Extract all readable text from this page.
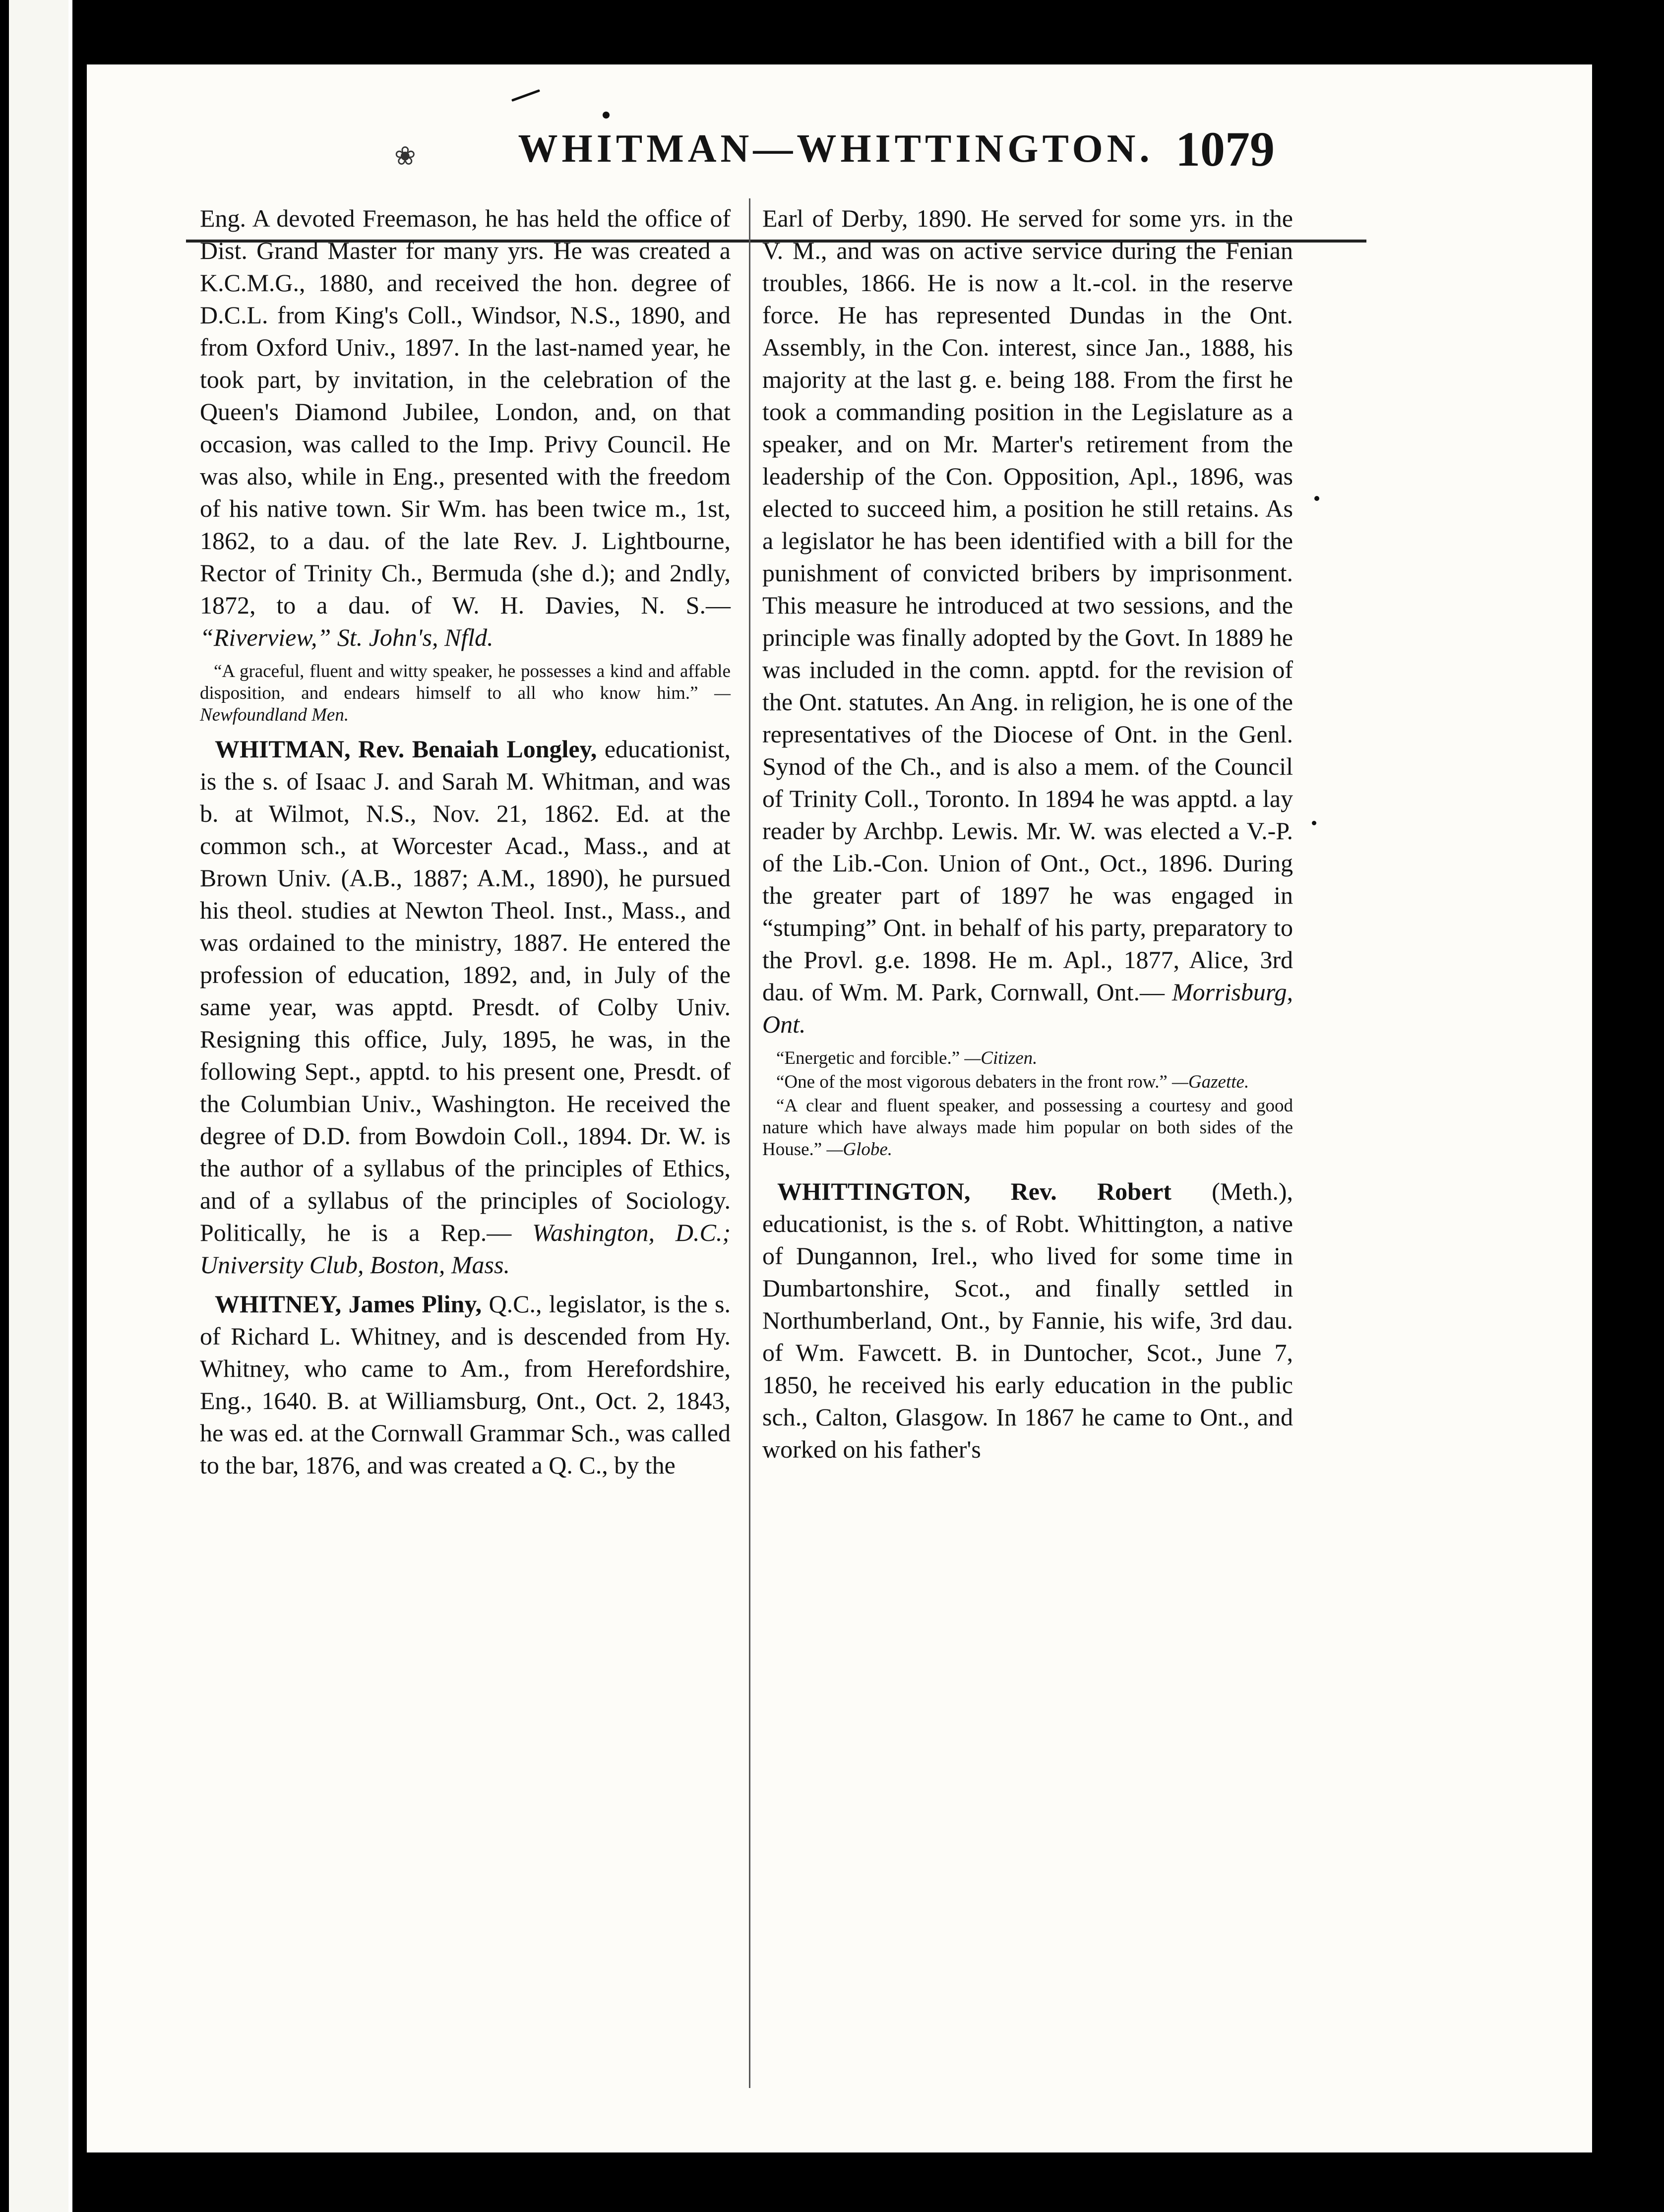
❀	WHITMAN—WHITTINGTON. 1079

Eng. A devoted Freemason, he has held the office of Dist. Grand Master for many yrs. He was created a K.C.M.G., 1880, and received the hon. degree of D.C.L. from King's Coll., Windsor, N.S., 1890, and from Oxford Univ., 1897. In the last-named year, he took part, by invitation, in the celebration of the Queen's Diamond Jubilee, London, and, on that occasion, was called to the Imp. Privy Council. He was also, while in Eng., presented with the freedom of his native town. Sir Wm. has been twice m., 1st, 1862, to a dau. of the late Rev. J. Lightbourne, Rector of Trinity Ch., Bermuda (she d.); and 2ndly, 1872, to a dau. of W. H. Davies, N. S.— “Riverview,” St. John's, Nfld.

“A graceful, fluent and witty speaker, he possesses a kind and affable disposition, and endears himself to all who know him.” —Newfoundland Men.

WHITMAN, Rev. Benaiah Longley, educationist, is the s. of Isaac J. and Sarah M. Whitman, and was b. at Wilmot, N.S., Nov. 21, 1862. Ed. at the common sch., at Worcester Acad., Mass., and at Brown Univ. (A.B., 1887; A.M., 1890), he pursued his theol. studies at Newton Theol. Inst., Mass., and was ordained to the ministry, 1887. He entered the profession of education, 1892, and, in July of the same year, was apptd. Presdt. of Colby Univ. Resigning this office, July, 1895, he was, in the following Sept., apptd. to his present one, Presdt. of the Columbian Univ., Washington. He received the degree of D.D. from Bowdoin Coll., 1894. Dr. W. is the author of a syllabus of the principles of Ethics, and of a syllabus of the principles of Sociology. Politically, he is a Rep.— Washington, D.C.; University Club, Boston, Mass.

WHITNEY, James Pliny, Q.C., legislator, is the s. of Richard L. Whitney, and is descended from Hy. Whitney, who came to Am., from Herefordshire, Eng., 1640. B. at Williamsburg, Ont., Oct. 2, 1843, he was ed. at the Cornwall Grammar Sch., was called to the bar, 1876, and was created a Q. C., by the

Earl of Derby, 1890. He served for some yrs. in the V. M., and was on active service during the Fenian troubles, 1866. He is now a lt.-col. in the reserve force. He has represented Dundas in the Ont. Assembly, in the Con. interest, since Jan., 1888, his majority at the last g. e. being 188. From the first he took a commanding position in the Legislature as a speaker, and on Mr. Marter's retirement from the leadership of the Con. Opposition, Apl., 1896, was elected to succeed him, a position he still retains. As a legislator he has been identified with a bill for the punishment of convicted bribers by imprisonment. This measure he introduced at two sessions, and the principle was finally adopted by the Govt. In 1889 he was included in the comn. apptd. for the revision of the Ont. statutes. An Ang. in religion, he is one of the representatives of the Diocese of Ont. in the Genl. Synod of the Ch., and is also a mem. of the Council of Trinity Coll., Toronto. In 1894 he was apptd. a lay reader by Archbp. Lewis. Mr. W. was elected a V.-P. of the Lib.-Con. Union of Ont., Oct., 1896. During the greater part of 1897 he was engaged in “stumping” Ont. in behalf of his party, preparatory to the Provl. g.e. 1898. He m. Apl., 1877, Alice, 3rd dau. of Wm. M. Park, Cornwall, Ont.— Morrisburg, Ont.

“Energetic and forcible.” —Citizen.

“One of the most vigorous debaters in the front row.” —Gazette.

“A clear and fluent speaker, and possessing a courtesy and good nature which have always made him popular on both sides of the House.” —Globe.

WHITTINGTON, Rev. Robert (Meth.), educationist, is the s. of Robt. Whittington, a native of Dungannon, Irel., who lived for some time in Dumbartonshire, Scot., and finally settled in Northumberland, Ont., by Fannie, his wife, 3rd dau. of Wm. Fawcett. B. in Duntocher, Scot., June 7, 1850, he received his early education in the public sch., Calton, Glasgow. In 1867 he came to Ont., and worked on his father's
